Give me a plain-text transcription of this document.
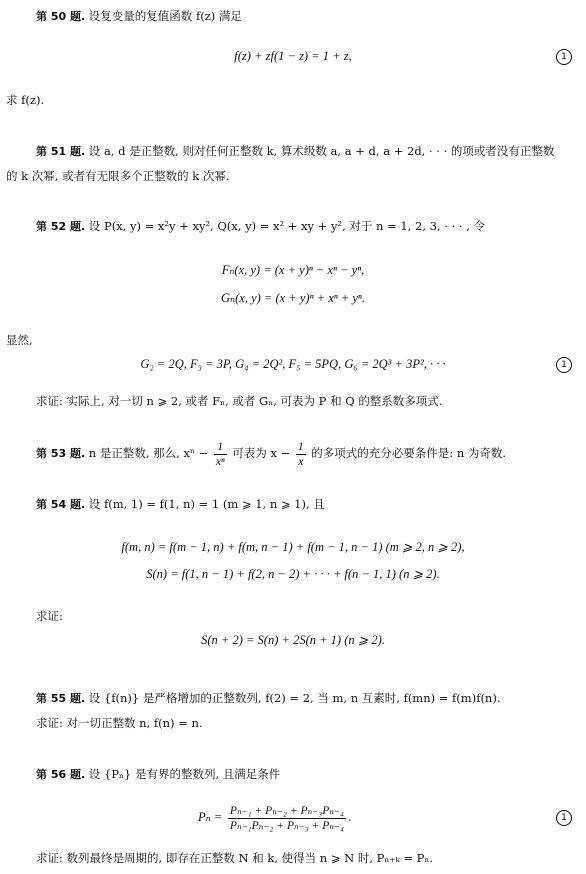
第 50 题. 设复变量的复值函数 f(z) 满足
f(z) + zf(1 − z) = 1 + z,	1
求 f(z).
第 51 题. 设 a, d 是正整数, 则对任何正整数 k, 算术级数 a, a + d, a + 2d, · · · 的项或者没有正整数
的 k 次幂, 或者有无限多个正整数的 k 次幂.
第 52 题. 设 P(x, y) = x²y + xy², Q(x, y) = x² + xy + y², 对于 n = 1, 2, 3, · · · , 令
Fₙ(x, y) = (x + y)ⁿ − xⁿ − yⁿ,
Gₙ(x, y) = (x + y)ⁿ + xⁿ + yⁿ.
显然,
G₂ = 2Q, F₃ = 3P, G₄ = 2Q², F₅ = 5PQ, G₆ = 2Q³ + 3P², · · ·	1
求证: 实际上, 对一切 n ⩾ 2, 或者 Fₙ, 或者 Gₙ, 可表为 P 和 Q 的整系数多项式.
第 53 题. n 是正整数, 那么, $x^n - \frac{1}{\text{xⁿ}}$ 可表为 $x - \frac{1}{x}$ 的多项式的充分必要条件是: n 为奇数.
第 54 题. 设 f(m, 1) = f(1, n) = 1 (m ⩾ 1, n ⩾ 1), 且
f(m, n) = f(m − 1, n) + f(m, n − 1) + f(m − 1, n − 1) (m ⩾ 2, n ⩾ 2),
S(n) = f(1, n − 1) + f(2, n − 2) + · · · + f(n − 1, 1) (n ⩾ 2).
求证:
S(n + 2) = S(n) + 2S(n + 1) (n ⩾ 2).
第 55 题. 设 {f(n)} 是严格增加的正整数列, f(2) = 2, 当 m, n 互素时, f(mn) = f(m)f(n).
求证: 对一切正整数 n, f(n) = n.
第 56 题. 设 {Pₙ} 是有界的整数列, 且满足条件
$P_n = \frac{\text{Pₙ₋₁ + Pₙ₋₂ + Pₙ₋₃Pₙ₋₄}}{\text{Pₙ₋₁Pₙ₋₂ + Pₙ₋₃ + Pₙ₋₄}}$ .	1
求证: 数列最终是周期的, 即存在正整数 N 和 k, 使得当 n ⩾ N 时, Pₙ₊ₖ = Pₙ.
